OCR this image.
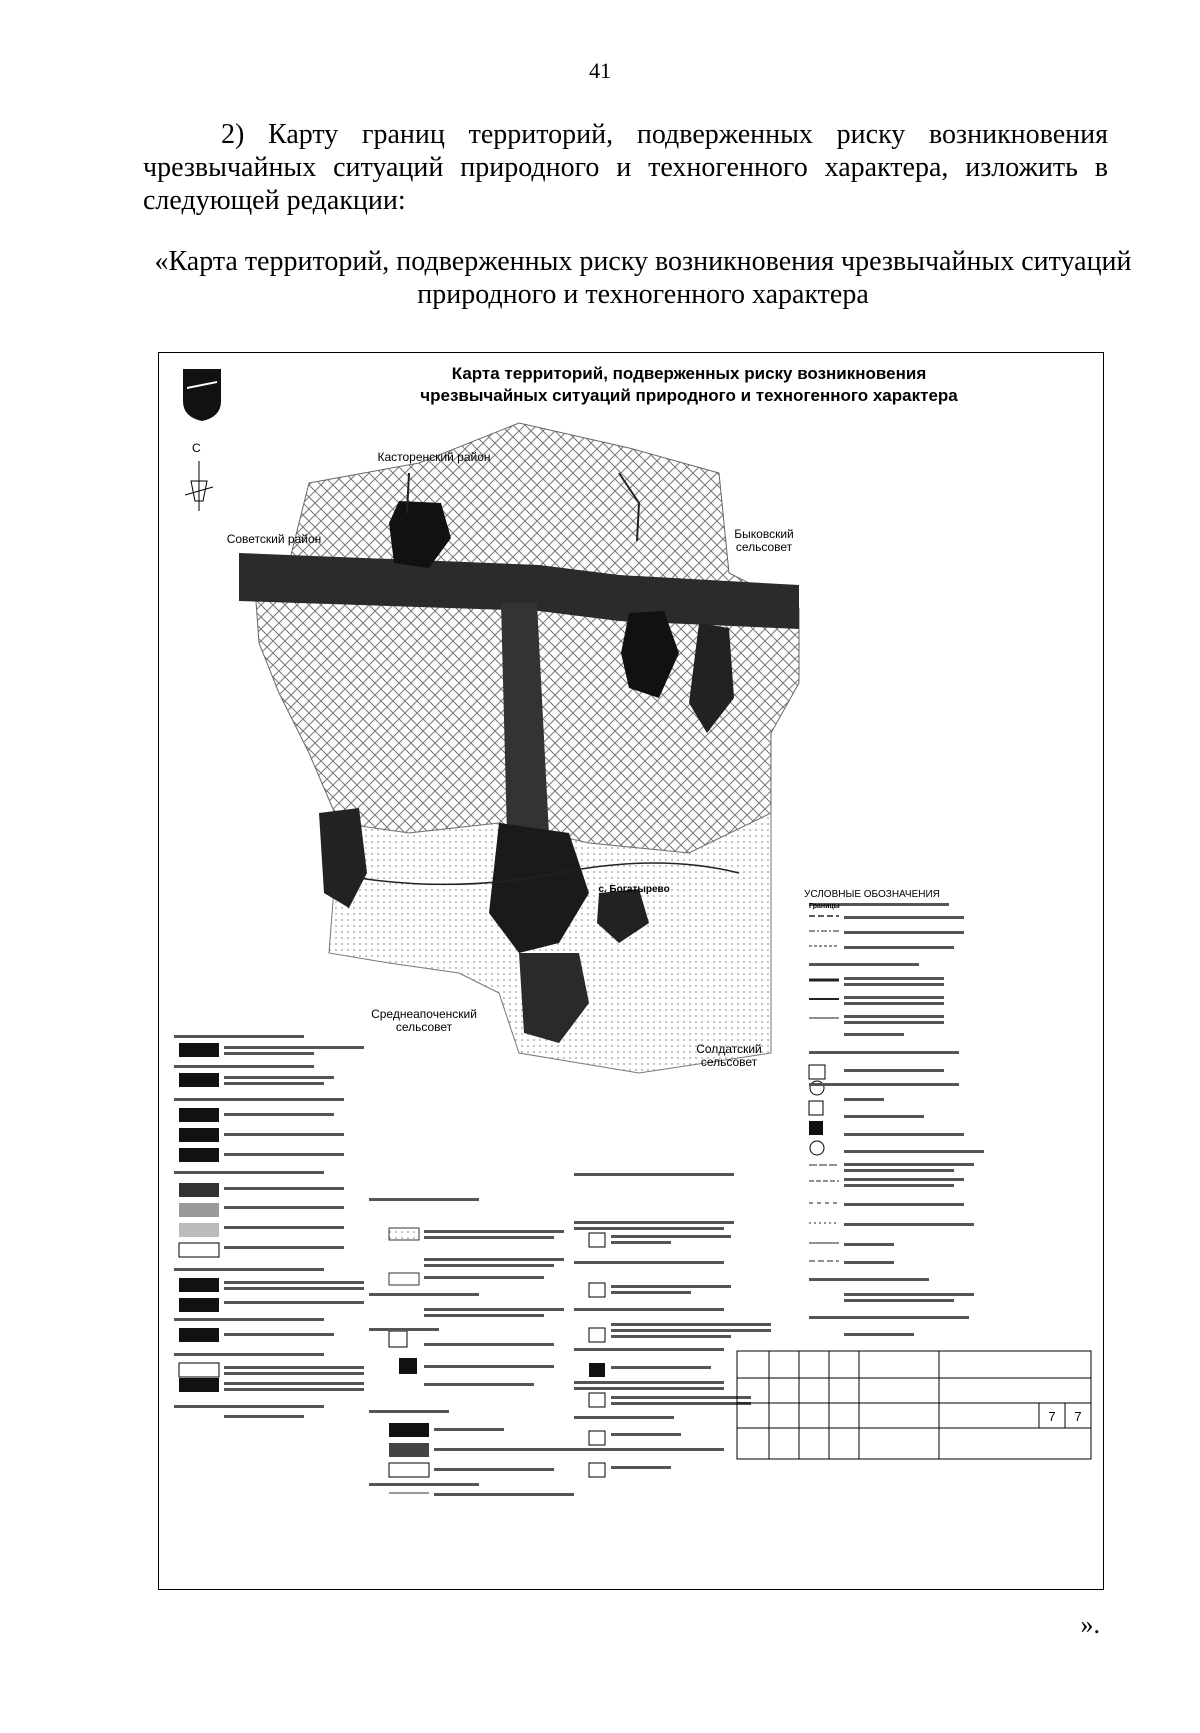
41
2) Карту границ территорий, подверженных риску возникновения чрезвычайных ситуаций природного и техногенного характера, изложить в следующей редакции:
«Карта территорий, подверженных риску возникновения чрезвычайных ситуаций природного и техногенного характера
7 7
С
Карта территорий, подверженных риску возникновения
чрезвычайных ситуаций природного и техногенного характера
Касторенский район
Советский район	Быковский сельсовет
Среднеапоченский сельсовет
Солдатский сельсовет
с. Богатырево	УСЛОВНЫЕ ОБОЗНАЧЕНИЯ
Границы
».
